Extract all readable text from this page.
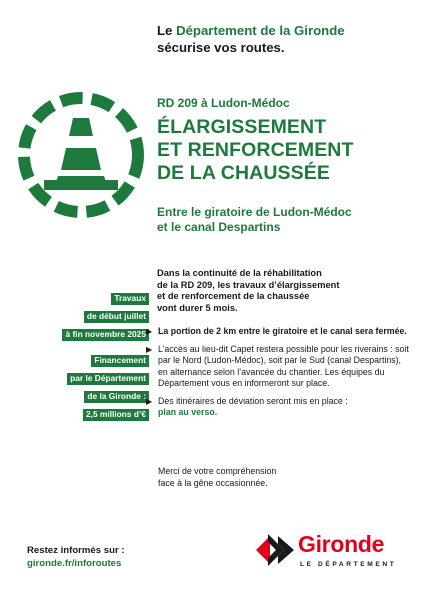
Le Département de la Gironde
sécurise vos routes.
RD 209 à Ludon-Médoc
ÉLARGISSEMENT
ET RENFORCEMENT
DE LA CHAUSSÉE
Entre le giratoire de Ludon-Médoc
et le canal Despartins
Travaux
de début juillet
à fin novembre 2025
Financement
par le Département
de la Gironde :
2,5 millions d’€
Dans la continuité de la réhabilitation
de la RD 209, les travaux d’élargissement
et de renforcement de la chaussée
vont durer 5 mois.
▶ La portion de 2 km entre le giratoire et le canal sera fermée.
▶ L’accès au lieu-dit Capet restera possible pour les riverains : soit par le Nord (Ludon-Médoc), soit par le Sud (canal Despartins), en alternance selon l’avancée du chantier. Les équipes du Département vous en informeront sur place.
▶ Des itinéraires de déviation seront mis en place :
plan au verso.
Merci de votre compréhension
face à la gêne occasionnée.
Restez informés sur :
gironde.fr/inforoutes
Gironde
LE DÉPARTEMENT
